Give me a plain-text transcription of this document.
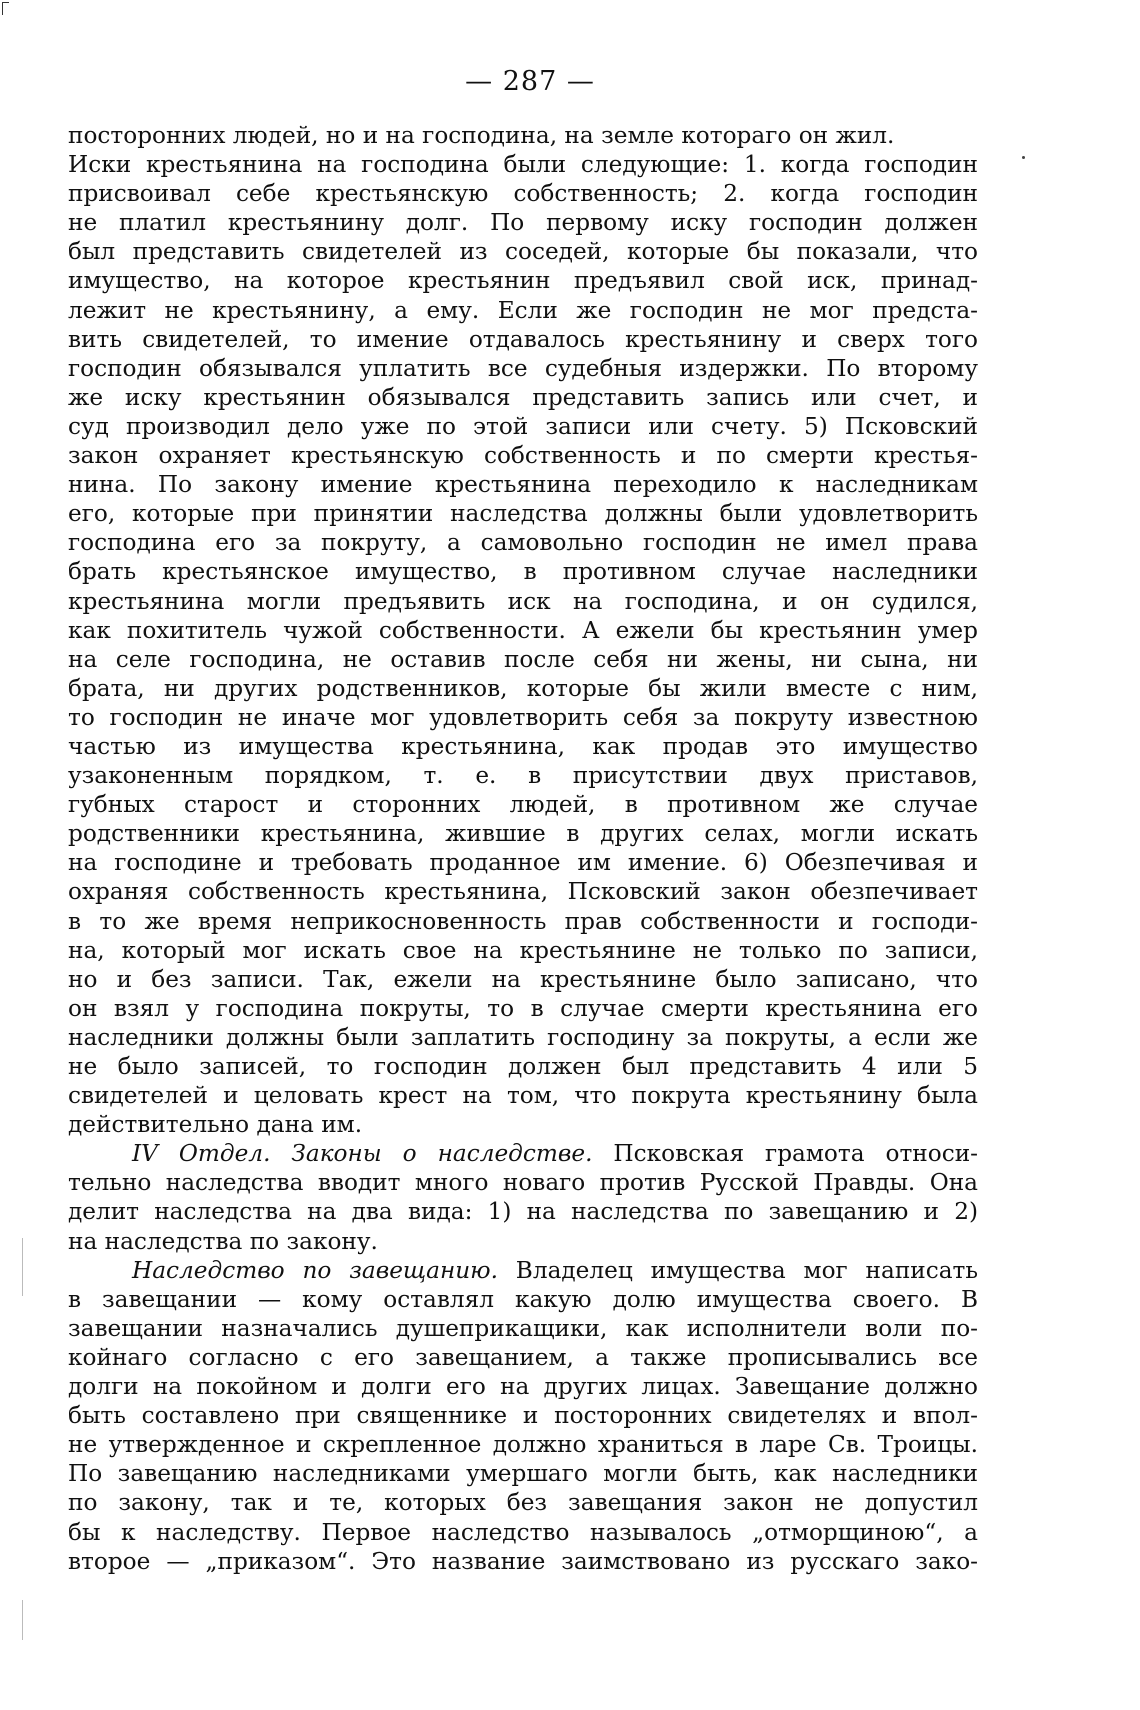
— 287 —
посторонних людей, но и на господина, на земле котораго он жил.
Иски крестьянина на господина были следующие: 1. когда господин
присвоивал себе крестьянскую собственность; 2. когда господин
не платил крестьянину долг. По первому иску господин должен
был представить свидетелей из соседей, которые бы показали, что
имущество, на которое крестьянин предъявил свой иск, принад-
лежит не крестьянину, а ему. Если же господин не мог предста-
вить свидетелей, то имение отдавалось крестьянину и сверх того
господин обязывался уплатить все судебныя издержки. По второму
же иску крестьянин обязывался представить запись или счет, и
суд производил дело уже по этой записи или счету. 5) Псковский
закон охраняет крестьянскую собственность и по смерти крестья-
нина. По закону имение крестьянина переходило к наследникам
его, которые при принятии наследства должны были удовлетворить
господина его за покруту, а самовольно господин не имел права
брать крестьянское имущество, в противном случае наследники
крестьянина могли предъявить иск на господина, и он судился,
как похититель чужой собственности. А ежели бы крестьянин умер
на селе господина, не оставив после себя ни жены, ни сына, ни
брата, ни других родственников, которые бы жили вместе с ним,
то господин не иначе мог удовлетворить себя за покруту известною
частью из имущества крестьянина, как продав это имущество
узаконенным порядком, т. е. в присутствии двух приставов,
губных старост и сторонних людей, в противном же случае
родственники крестьянина, жившие в других селах, могли искать
на господине и требовать проданное им имение. 6) Обезпечивая и
охраняя собственность крестьянина, Псковский закон обезпечивает
в то же время неприкосновенность прав собственности и господи-
на, который мог искать свое на крестьянине не только по записи,
но и без записи. Так, ежели на крестьянине было записано, что
он взял у господина покруты, то в случае смерти крестьянина его
наследники должны были заплатить господину за покруты, а если же
не было записей, то господин должен был представить 4 или 5
свидетелей и целовать крест на том, что покрута крестьянину была
действительно дана им.
IV Отдел. Законы о наследстве. Псковская грамота относи-
тельно наследства вводит много новаго против Русской Правды. Она
делит наследства на два вида: 1) на наследства по завещанию и 2)
на наследства по закону.
Наследство по завещанию. Владелец имущества мог написать
в завещании — кому оставлял какую долю имущества своего. В
завещании назначались душеприкащики, как исполнители воли по-
койнаго согласно с его завещанием, а также прописывались все
долги на покойном и долги его на других лицах. Завещание должно
быть составлено при священнике и посторонних свидетелях и впол-
не утвержденное и скрепленное должно храниться в ларе Св. Троицы.
По завещанию наследниками умершаго могли быть, как наследники
по закону, так и те, которых без завещания закон не допустил
бы к наследству. Первое наследство называлось „отморщиною“, а
второе — „приказом“. Это название заимствовано из русскаго зако-
